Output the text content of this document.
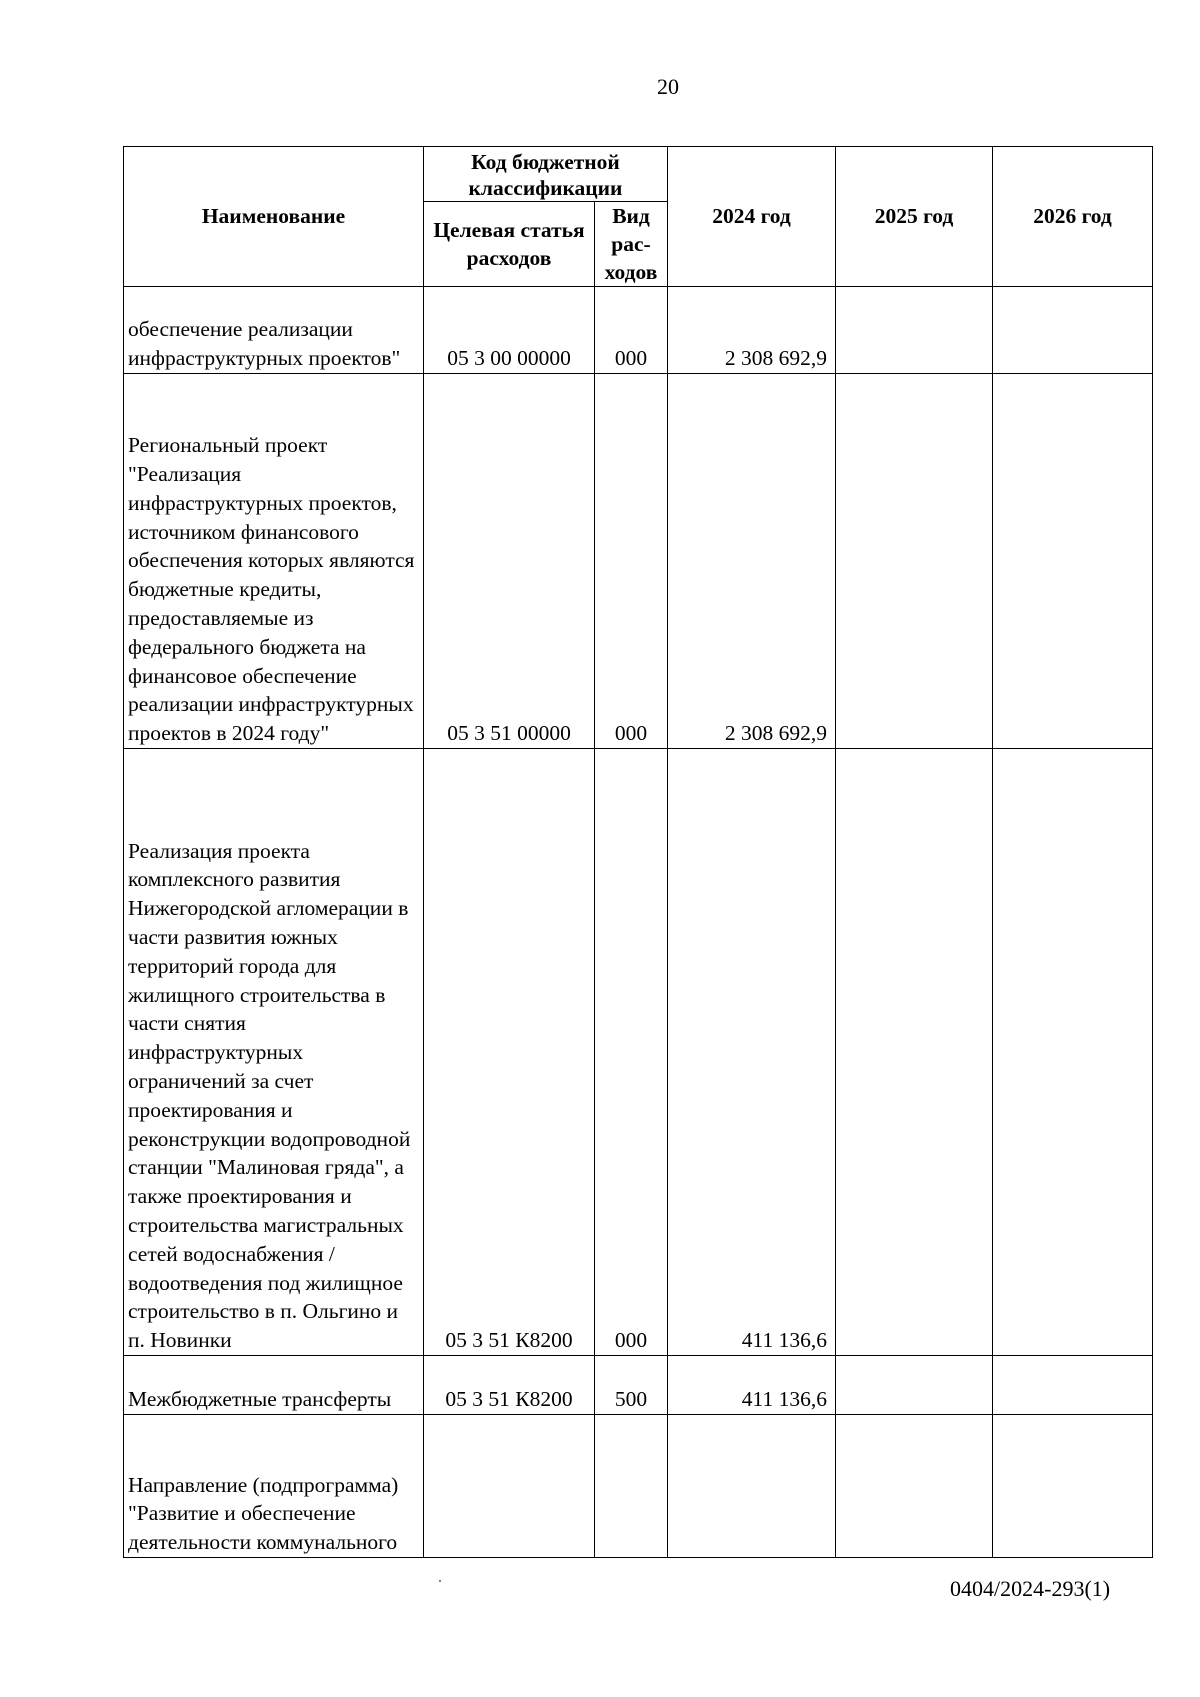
20
Наименование	Код бюджетной классификации		2024 год	2025 год	2026 год
	Целевая статья расходов	Вид рас-ходов			
обеспечение реализации инфраструктурных проектов"	05 3 00 00000	000	2 308 692,9		
Региональный проект "Реализация инфраструктурных проектов, источником финансового обеспечения которых являются бюджетные кредиты, предоставляемые из федерального бюджета на финансовое обеспечение реализации инфраструктурных проектов в 2024 году"	05 3 51 00000	000	2 308 692,9		
Реализация проекта комплексного развития Нижегородской агломерации в части развития южных территорий города для жилищного строительства в части снятия инфраструктурных ограничений за счет проектирования и реконструкции водопроводной станции "Малиновая гряда", а также проектирования и строительства магистральных сетей водоснабжения / водоотведения под жилищное строительство в п. Ольгино и п. Новинки	05 3 51 К8200	000	411 136,6		
Межбюджетные трансферты	05 3 51 К8200	500	411 136,6		
Направление (подпрограмма) "Развитие и обеспечение деятельности коммунального					
0404/2024-293(1)
